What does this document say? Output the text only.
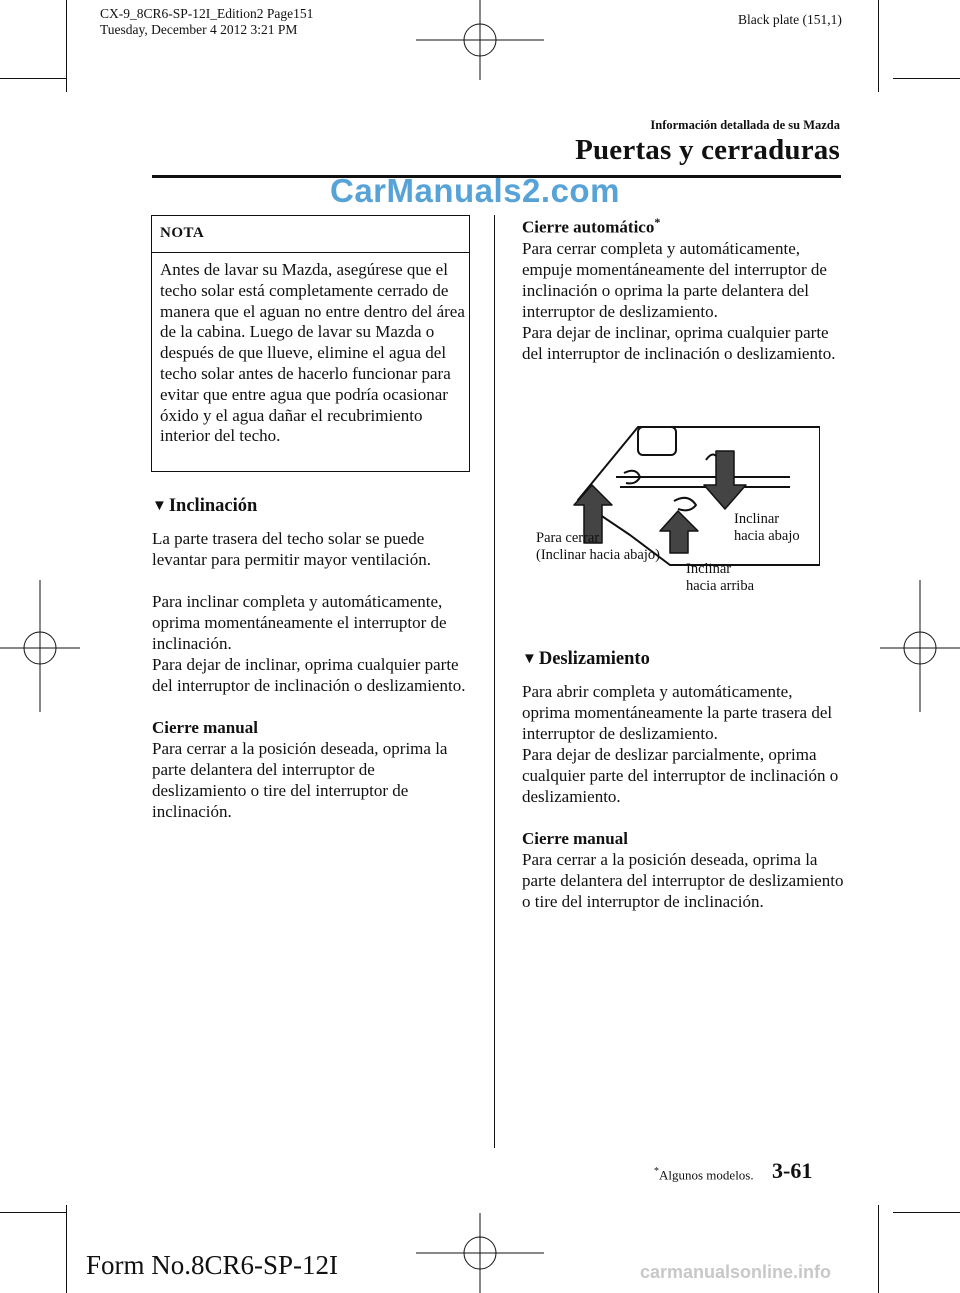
CX-9_8CR6-SP-12I_Edition2 Page151
Tuesday, December 4 2012 3:21 PM
Black plate (151,1)
Información detallada de su Mazda
Puertas y cerraduras
CarManuals2.com
NOTA
Antes de lavar su Mazda, asegúrese que el techo solar está completamente cerrado de manera que el aguan no entre dentro del área de la cabina. Luego de lavar su Mazda o después de que llueve, elimine el agua del techo solar antes de hacerlo funcionar para evitar que entre agua que podría ocasionar óxido y el agua dañar el recubrimiento interior del techo.
▼ Inclinación

La parte trasera del techo solar se puede levantar para permitir mayor ventilación.

Para inclinar completa y automáticamente, oprima momentáneamente el interruptor de inclinación.

Para dejar de inclinar, oprima cualquier parte del interruptor de inclinación o deslizamiento.

Cierre manual

Para cerrar a la posición deseada, oprima la parte delantera del interruptor de deslizamiento o tire del interruptor de inclinación.

Cierre automático*

Para cerrar completa y automáticamente, empuje momentáneamente del interruptor de inclinación o oprima la parte delantera del interruptor de deslizamiento.

Para dejar de inclinar, oprima cualquier parte del interruptor de inclinación o deslizamiento.

Para cerrar
(Inclinar hacia abajo)
Inclinar
hacia abajo
Inclinar
hacia arriba
▼ Deslizamiento

Para abrir completa y automáticamente, oprima momentáneamente la parte trasera del interruptor de deslizamiento.

Para dejar de deslizar parcialmente, oprima cualquier parte del interruptor de inclinación o deslizamiento.

Cierre manual

Para cerrar a la posición deseada, oprima la parte delantera del interruptor de deslizamiento o tire del interruptor de inclinación.

*Algunos modelos. 3-61
Form No.8CR6-SP-12I	carmanualsonline.info
